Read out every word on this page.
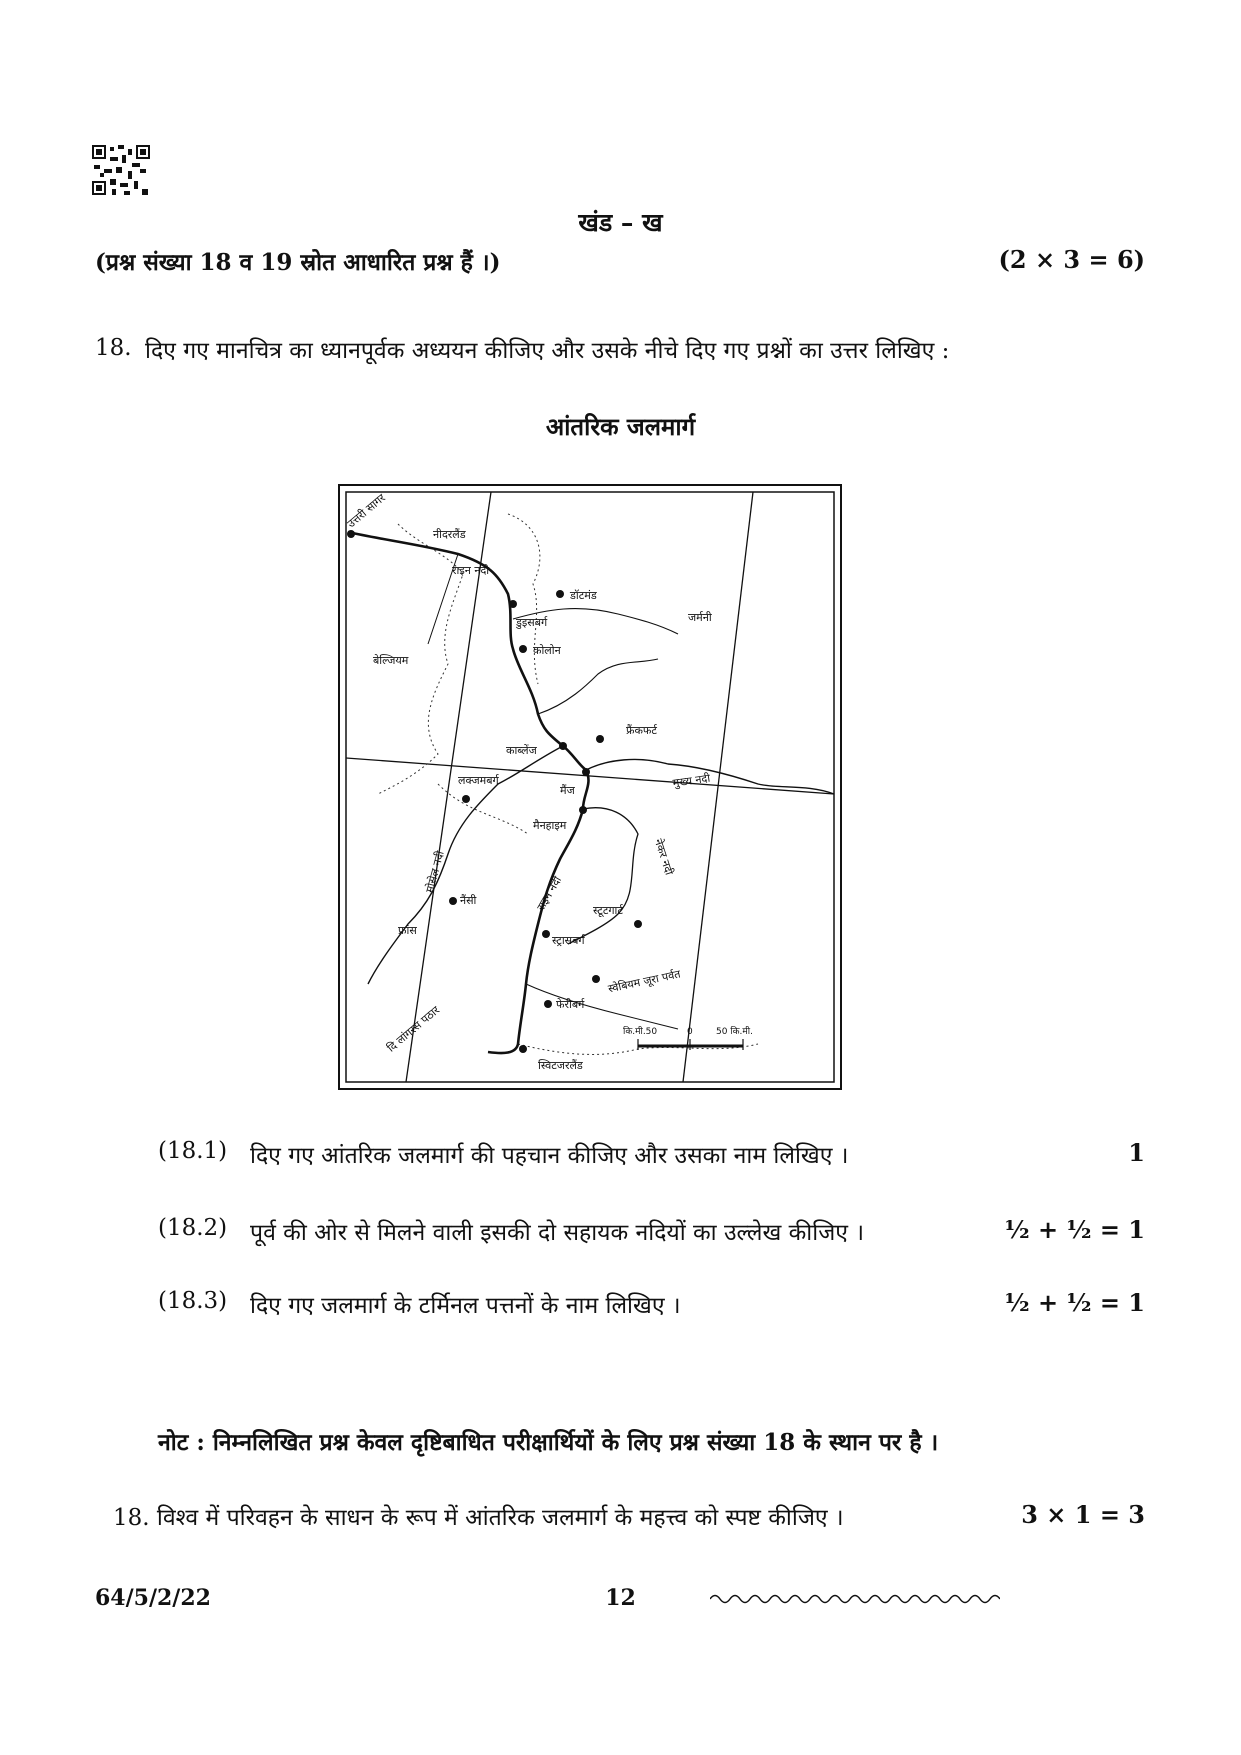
खंड – ख
(प्रश्न संख्या 18 व 19 स्रोत आधारित प्रश्न हैं ।)	(2 × 3 = 6)
18. दिए गए मानचित्र का ध्यानपूर्वक अध्ययन कीजिए और उसके नीचे दिए गए प्रश्नों का उत्तर लिखिए :
आंतरिक जलमार्ग
उत्तरी सागर
नीदरलैंड
राइन नदी
डॉटमंड
जर्मनी
डुइसबर्ग
बेल्जियम
कोलोन
काब्लेंज
फ्रैंकफर्ट
मुख्य नदी
लक्जमबर्ग
मैंज
मैनहाइम
नेकर नदी
मोसेल नदी	राइन नदी
नैंसी
स्टूटगार्ट
फ्रांस
स्ट्रासबर्ग
स्वेबियम जूरा पर्वत
दि लांगरस पठार	फेरीबर्ग
स्विटजरलैंड
कि.मी.50	0	50 कि.मी.
(18.1) दिए गए आंतरिक जलमार्ग की पहचान कीजिए और उसका नाम लिखिए ।	1
(18.2) पूर्व की ओर से मिलने वाली इसकी दो सहायक नदियों का उल्लेख कीजिए ।	½ + ½ = 1
(18.3) दिए गए जलमार्ग के टर्मिनल पत्तनों के नाम लिखिए ।	½ + ½ = 1
नोट : निम्नलिखित प्रश्न केवल दृष्टिबाधित परीक्षार्थियों के लिए प्रश्न संख्या 18 के स्थान पर है ।
18. विश्व में परिवहन के साधन के रूप में आंतरिक जलमार्ग के महत्त्व को स्पष्ट कीजिए ।	3 × 1 = 3
64/5/2/22	12
